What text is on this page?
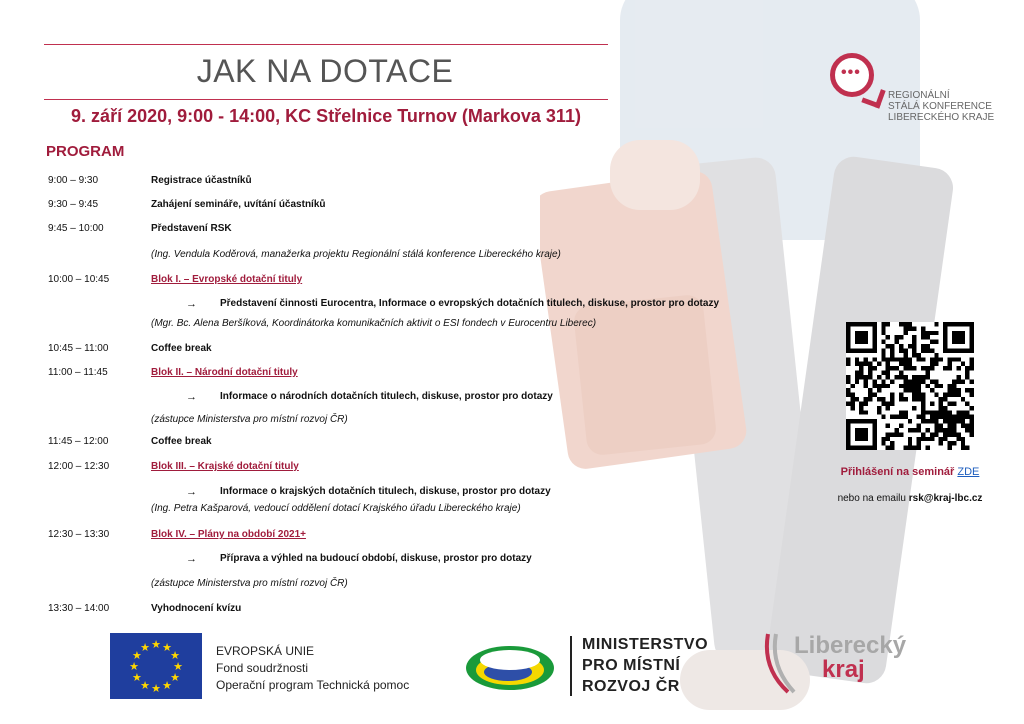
JAK NA DOTACE
9. září 2020, 9:00 - 14:00, KC Střelnice Turnov (Markova 311)
PROGRAM
9:00 – 9:30	Registrace účastníků
9:30 – 9:45	Zahájení semináře, uvítání účastníků
9:45 – 10:00	Představení RSK
(Ing. Vendula Koděrová, manažerka projektu Regionální stálá konference Libereckého kraje)
10:00 – 10:45	Blok I. – Evropské dotační tituly
→ Představení činnosti Eurocentra, Informace o evropských dotačních titulech, diskuse, prostor pro dotazy
(Mgr. Bc. Alena Beršíková, Koordinátorka komunikačních aktivit o ESI fondech v Eurocentru Liberec)
10:45 – 11:00	Coffee break
11:00 – 11:45	Blok II. – Národní dotační tituly
→ Informace o národních dotačních titulech, diskuse, prostor pro dotazy
(zástupce Ministerstva pro místní rozvoj ČR)
11:45 – 12:00	Coffee break
12:00 – 12:30	Blok III. – Krajské dotační tituly
→ Informace o krajských dotačních titulech, diskuse, prostor pro dotazy
(Ing. Petra Kašparová, vedoucí oddělení dotací Krajského úřadu Libereckého kraje)
12:30 – 13:30	Blok IV. – Plány na období 2021+
→ Příprava a výhled na budoucí období, diskuse, prostor pro dotazy
(zástupce Ministerstva pro místní rozvoj ČR)
13:30 – 14:00	Vyhodnocení kvízu
•••
REGIONÁLNÍ
STÁLÁ KONFERENCE
LIBERECKÉHO KRAJE
Přihlášení na seminář ZDE
nebo na emailu rsk@kraj-lbc.cz
★
★
★
★
★
★
★
★
★ ★ ★
★	EVROPSKÁ UNIE
Fond soudržnosti
Operační program Technická pomoc
MINISTERSTVO
PRO MÍSTNÍ
ROZVOJ ČR
Liberecký
kraj
